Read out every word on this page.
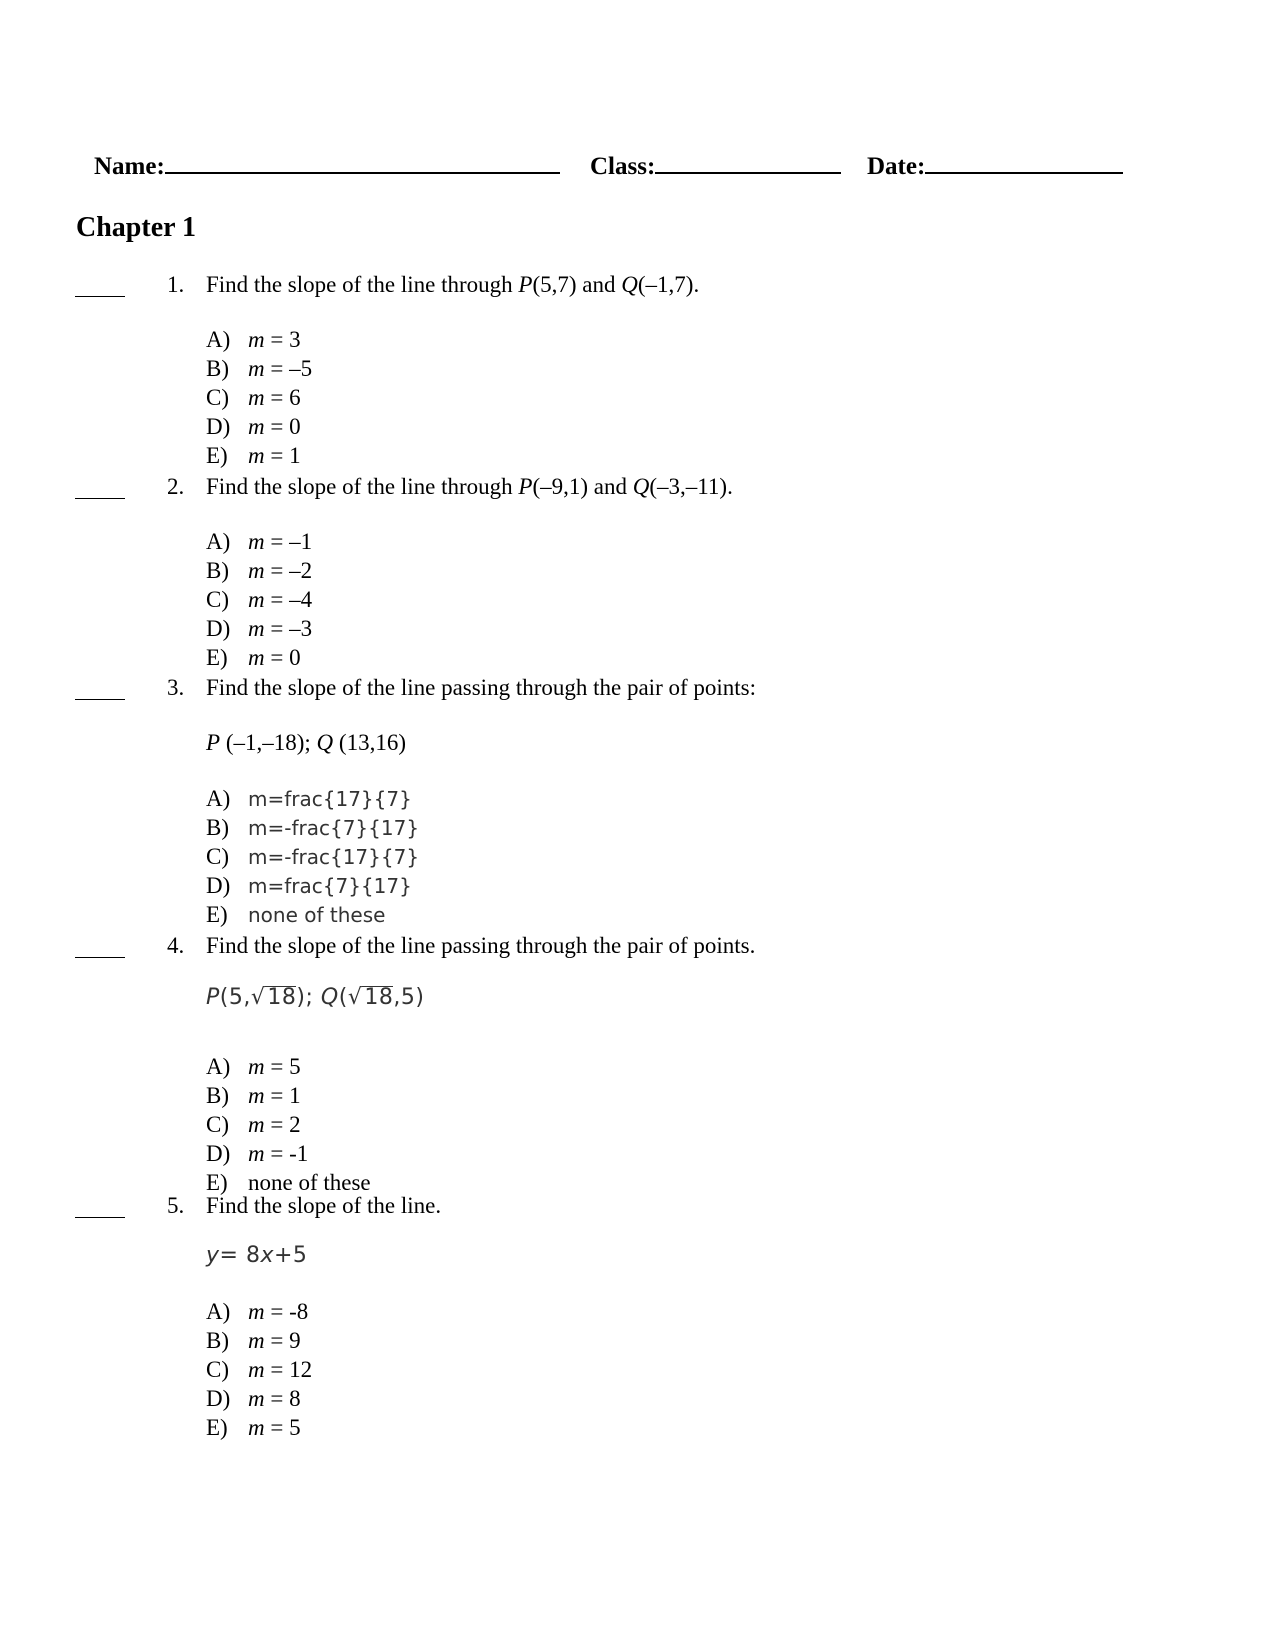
Name:	Class:	Date:
Chapter 1
1. Find the slope of the line through P(5,7) and Q(–1,7).
A) m = 3
B) m = –5
C) m = 6
D) m = 0
E) m = 1
2. Find the slope of the line through P(–9,1) and Q(–3,–11).
A) m = –1
B) m = –2
C) m = –4
D) m = –3
E) m = 0
3. Find the slope of the line passing through the pair of points:
P (–1,–18); Q (13,16)
A) m=frac{17}{7}
B) m=-frac{7}{17}
C) m=-frac{17}{7}
D) m=frac{7}{17}
E) none of these
4. Find the slope of the line passing through the pair of points.
P(5,√18); Q(√18,5)
A) m = 5
B) m = 1
C) m = 2
D) m = -1
E) none of these
5. Find the slope of the line.
y= 8x+5
A) m = -8
B) m = 9
C) m = 12
D) m = 8
E) m = 5
